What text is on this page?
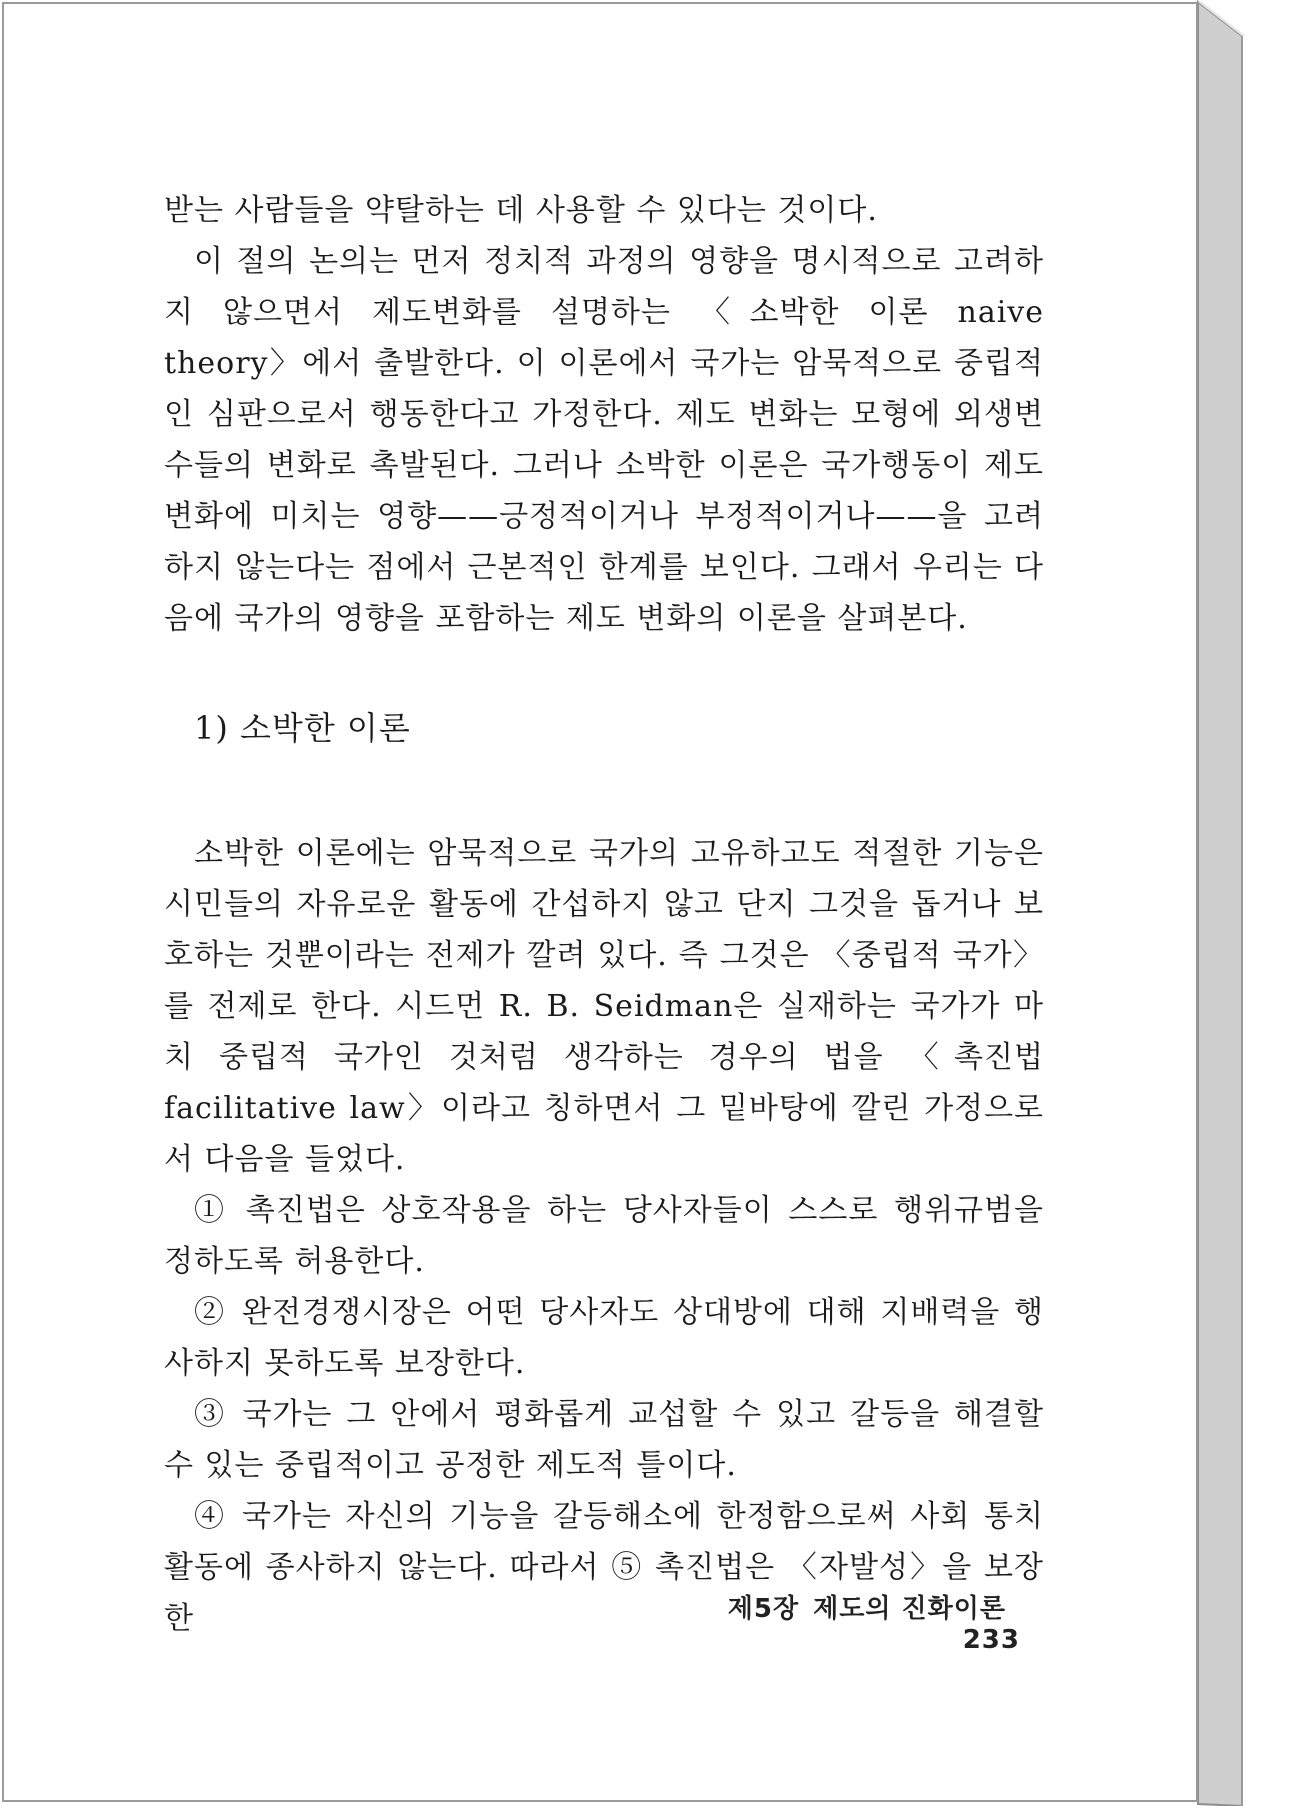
받는 사람들을 약탈하는 데 사용할 수 있다는 것이다.

이 절의 논의는 먼저 정치적 과정의 영향을 명시적으로 고려하지 않으면서 제도변화를 설명하는 〈소박한 이론 naive theory〉에서 출발한다. 이 이론에서 국가는 암묵적으로 중립적인 심판으로서 행동한다고 가정한다. 제도 변화는 모형에 외생변수들의 변화로 촉발된다. 그러나 소박한 이론은 국가행동이 제도 변화에 미치는 영향——긍정적이거나 부정적이거나——을 고려하지 않는다는 점에서 근본적인 한계를 보인다. 그래서 우리는 다음에 국가의 영향을 포함하는 제도 변화의 이론을 살펴본다.

1) 소박한 이론

소박한 이론에는 암묵적으로 국가의 고유하고도 적절한 기능은 시민들의 자유로운 활동에 간섭하지 않고 단지 그것을 돕거나 보호하는 것뿐이라는 전제가 깔려 있다. 즉 그것은 〈중립적 국가〉를 전제로 한다. 시드먼 R. B. Seidman은 실재하는 국가가 마치 중립적 국가인 것처럼 생각하는 경우의 법을 〈촉진법 facilitative law〉이라고 칭하면서 그 밑바탕에 깔린 가정으로서 다음을 들었다.

① 촉진법은 상호작용을 하는 당사자들이 스스로 행위규범을 정하도록 허용한다.

② 완전경쟁시장은 어떤 당사자도 상대방에 대해 지배력을 행사하지 못하도록 보장한다.

③ 국가는 그 안에서 평화롭게 교섭할 수 있고 갈등을 해결할 수 있는 중립적이고 공정한 제도적 틀이다.

④ 국가는 자신의 기능을 갈등해소에 한정함으로써 사회 통치 활동에 종사하지 않는다. 따라서 ⑤ 촉진법은 〈자발성〉을 보장한	제5장 제도의 진화이론233
